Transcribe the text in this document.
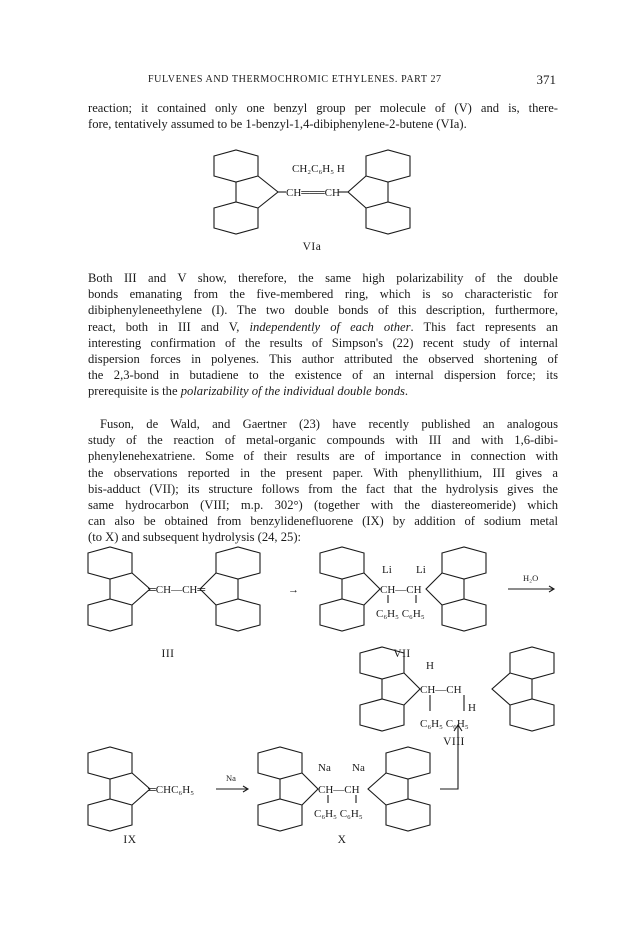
FULVENES AND THERMOCHROMIC ETHYLENES. PART 27	371
reaction; it contained only one benzyl group per molecule of (V) and is, there-
fore, tentatively assumed to be 1-benzyl-1,4-dibiphenylene-2-butene (VIa).
CH₂C₆H₅ H
CH═══CH
VIa
Both III and V show, therefore, the same high polarizability of the double
bonds emanating from the five-membered ring, which is so characteristic for
dibiphenyleneethylene (I). The two double bonds of this description, furthermore,
react, both in III and V, independently of each other. This fact represents an
interesting confirmation of the results of Simpson's (22) recent study of internal
dispersion forces in polyenes. This author attributed the observed shortening of
the 2,3-bond in butadiene to the existence of an internal dispersion force; its
prerequisite is the polarizability of the individual double bonds.
Fuson, de Wald, and Gaertner (23) have recently published an analogous
study of the reaction of metal-organic compounds with III and with 1,6-dibi-
phenylenehexatriene. Some of their results are of importance in connection with
the observations reported in the present paper. With phenyllithium, III gives a
bis-adduct (VII); its structure follows from the fact that the hydrolysis gives the
same hydrocarbon (VIII; m.p. 302°) (together with the diastereomeride) which
can also be obtained from benzylidenefluorene (IX) by addition of sodium metal
(to X) and subsequent hydrolysis (24, 25):
═CH—CH═
III
→
Li Li
CH—CH
C₆H₅ C₆H₅
VII
H₂O
H
CH—CH
H
C₆H₅ C₆H₅
VIII
═CHC₆H₅
IX
Na
Na Na
CH—CH
C₆H₅ C₆H₅
X
